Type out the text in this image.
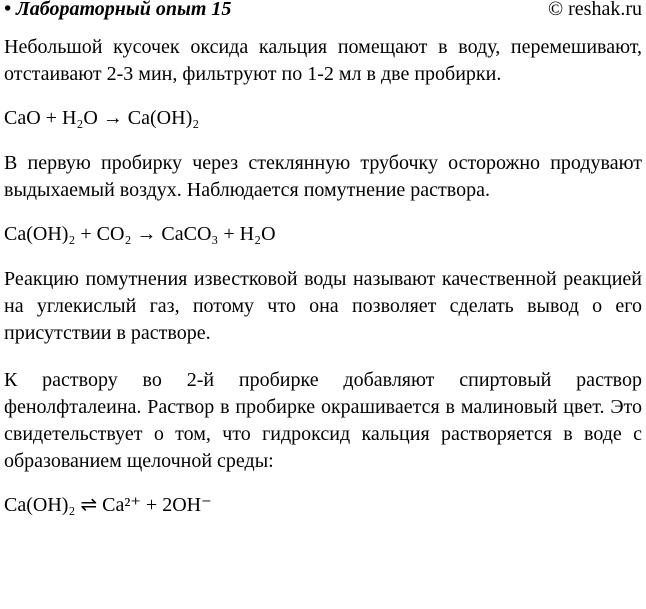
• Лабораторный опыт 15	© reshak.ru

Небольшой кусочек оксида кальция помещают в воду, перемешивают, отстаивают 2-3 мин, фильтруют по 1-2 мл в две пробирки.

CaO + H₂O → Ca(OH)₂

В первую пробирку через стеклянную трубочку осторожно продувают выдыхаемый воздух. Наблюдается помутнение раствора.

Ca(OH)₂ + CO₂ → CaCO₃ + H₂O

Реакцию помутнения известковой воды называют качественной реакцией на углекислый газ, потому что она позволяет сделать вывод о его присутствии в растворе.

К раствору во 2-й пробирке добавляют спиртовый раствор фенолфталеина. Раствор в пробирке окрашивается в малиновый цвет. Это свидетельствует о том, что гидроксид кальция растворяется в воде с образованием щелочной среды:

Ca(OH)₂ ⇌ Ca²⁺ + 2OH⁻
